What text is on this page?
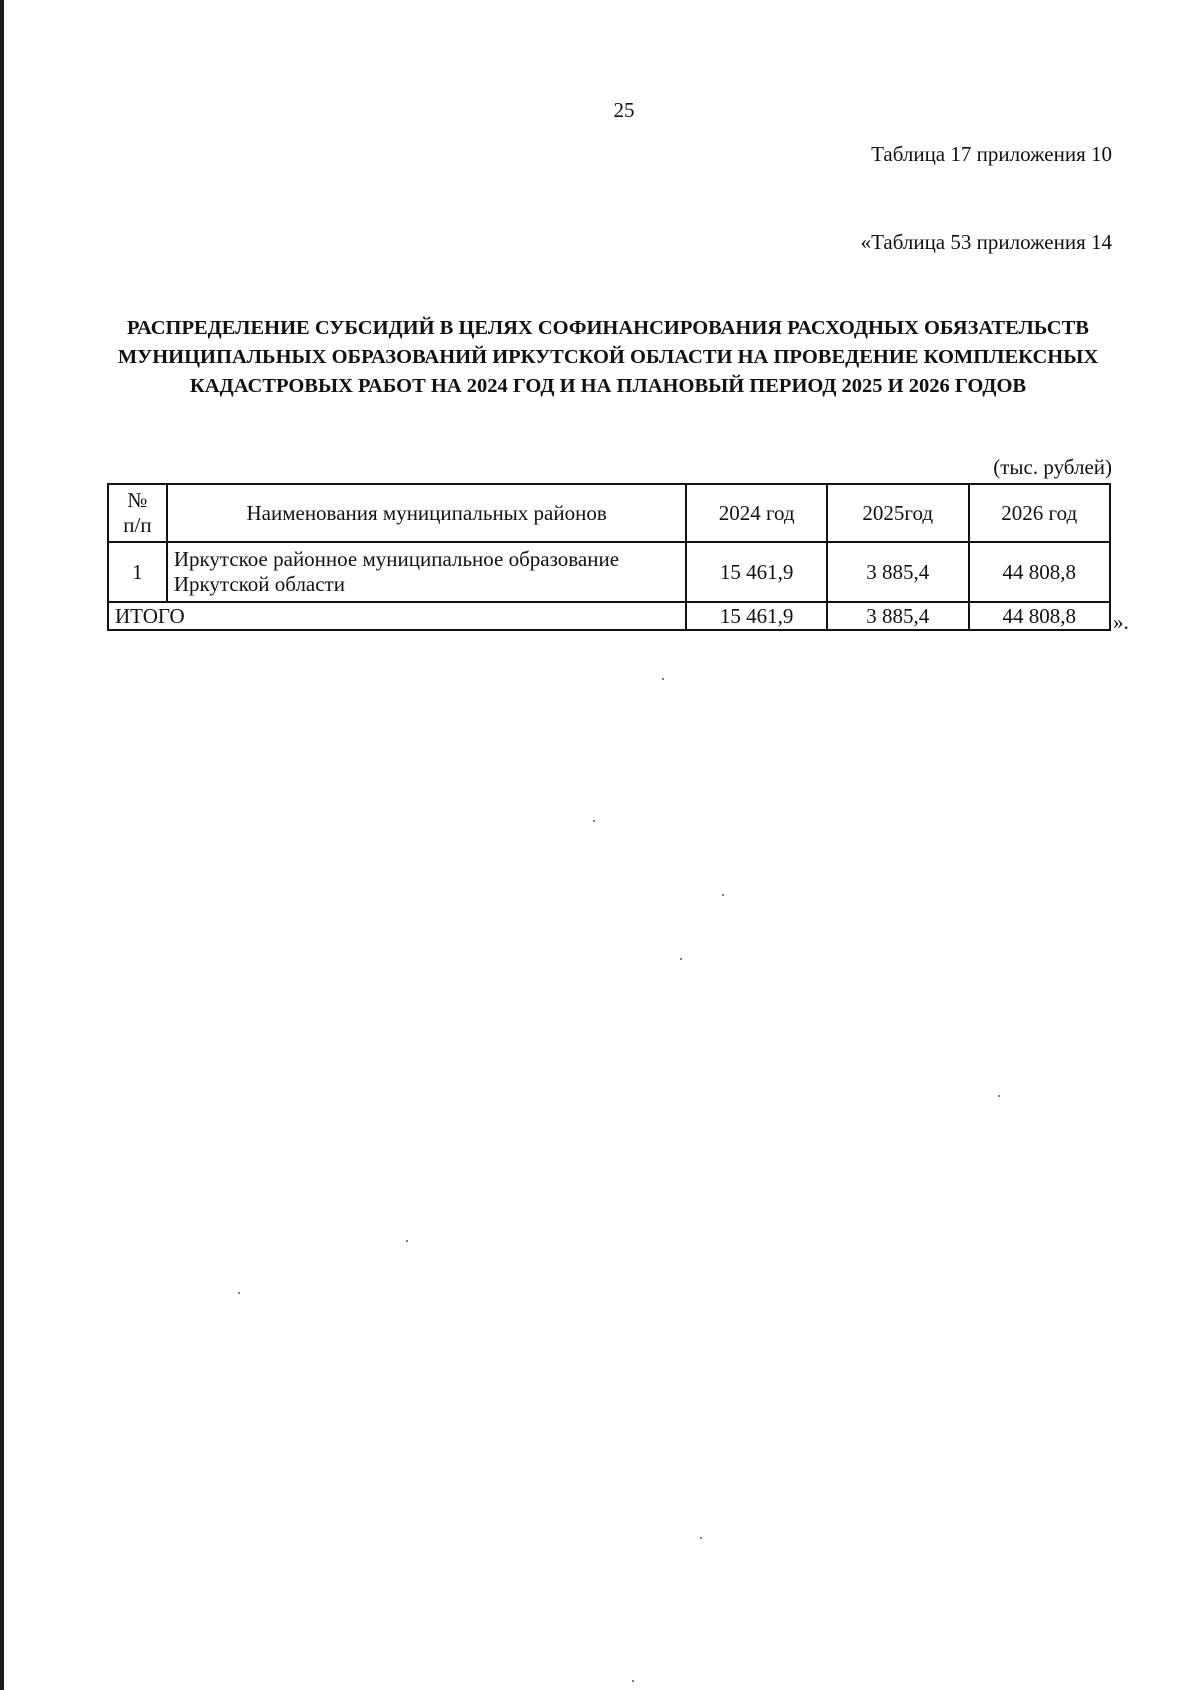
25
Таблица 17 приложения 10
«Таблица 53 приложения 14
РАСПРЕДЕЛЕНИЕ СУБСИДИЙ В ЦЕЛЯХ СОФИНАНСИРОВАНИЯ РАСХОДНЫХ ОБЯЗАТЕЛЬСТВ МУНИЦИПАЛЬНЫХ ОБРАЗОВАНИЙ ИРКУТСКОЙ ОБЛАСТИ НА ПРОВЕДЕНИЕ КОМПЛЕКСНЫХ КАДАСТРОВЫХ РАБОТ НА 2024 ГОД И НА ПЛАНОВЫЙ ПЕРИОД 2025 И 2026 ГОДОВ
(тыс. рублей)
№
п/п	Наименования муниципальных районов	2024 год	2025год	2026 год
1	Иркутское районное муниципальное образование Иркутской области	15 461,9	3 885,4	44 808,8
ИТОГО		15 461,9	3 885,4	44 808,8 ».
